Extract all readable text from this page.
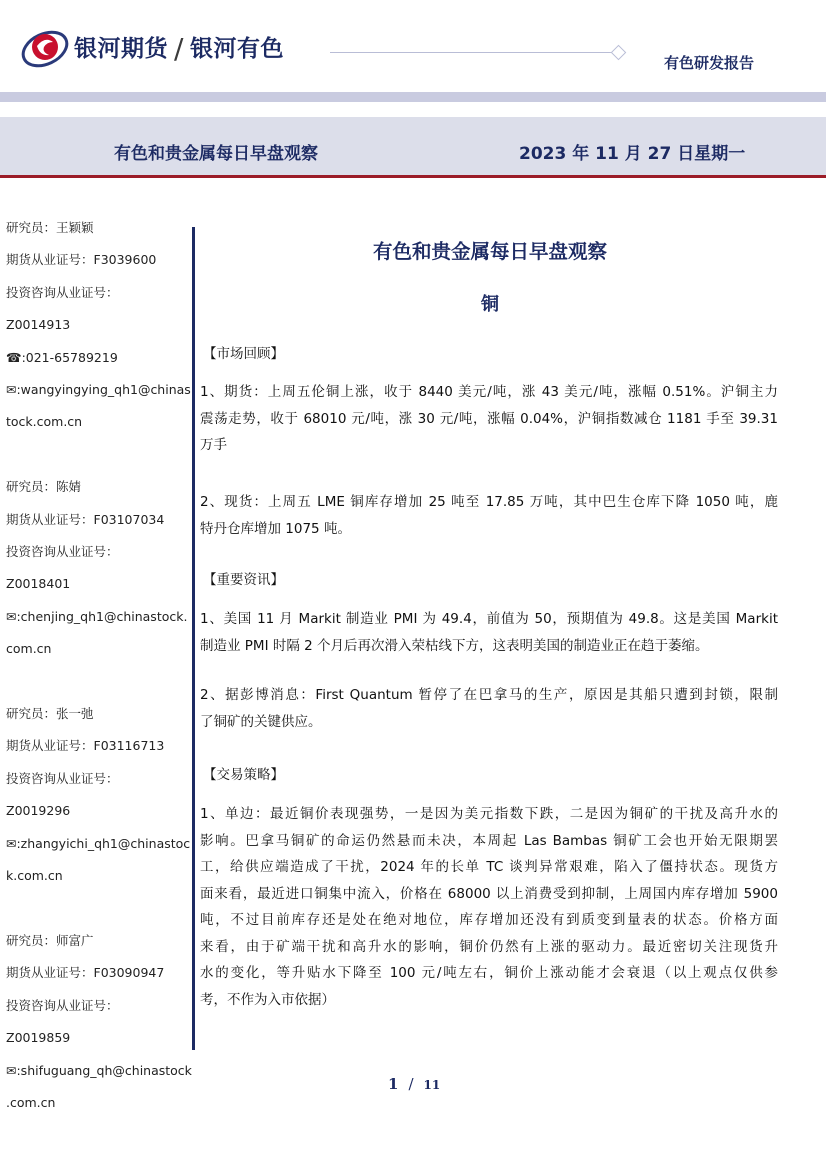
银河期货 / 银河有色
有色研发报告
有色和贵金属每日早盘观察	2023 年 11 月 27 日星期一
研究员：王颖颖
期货从业证号：F3039600
投资咨询从业证号：
Z0014913
☎:021-65789219
✉:wangyingying_qh1@chinas
tock.com.cn
研究员：陈婧
期货从业证号：F03107034
投资咨询从业证号：
Z0018401
✉:chenjing_qh1@chinastock.
com.cn
研究员：张一弛
期货从业证号：F03116713
投资咨询从业证号：
Z0019296
✉:zhangyichi_qh1@chinastoc
k.com.cn
研究员：师富广
期货从业证号：F03090947
投资咨询从业证号：
Z0019859
✉:shifuguang_qh@chinastock
.com.cn
有色和贵金属每日早盘观察
铜
【市场回顾】
1、期货：上周五伦铜上涨，收于 8440 美元/吨，涨 43 美元/吨，涨幅 0.51%。沪铜主力
震荡走势，收于 68010 元/吨，涨 30 元/吨，涨幅 0.04%，沪铜指数减仓 1181 手至 39.31
万手
2、现货：上周五 LME 铜库存增加 25 吨至 17.85 万吨，其中巴生仓库下降 1050 吨，鹿
特丹仓库增加 1075 吨。
【重要资讯】
1、美国 11 月 Markit 制造业 PMI 为 49.4，前值为 50，预期值为 49.8。这是美国 Markit
制造业 PMI 时隔 2 个月后再次滑入荣枯线下方，这表明美国的制造业正在趋于萎缩。
2、据彭博消息：First Quantum 暂停了在巴拿马的生产，原因是其船只遭到封锁，限制
了铜矿的关键供应。
【交易策略】
1、单边：最近铜价表现强势，一是因为美元指数下跌，二是因为铜矿的干扰及高升水的
影响。巴拿马铜矿的命运仍然悬而未决，本周起 Las Bambas 铜矿工会也开始无限期罢
工，给供应端造成了干扰，2024 年的长单 TC 谈判异常艰难，陷入了僵持状态。现货方
面来看，最近进口铜集中流入，价格在 68000 以上消费受到抑制，上周国内库存增加 5900
吨，不过目前库存还是处在绝对地位，库存增加还没有到质变到量表的状态。价格方面
来看，由于矿端干扰和高升水的影响，铜价仍然有上涨的驱动力。最近密切关注现货升
水的变化，等升贴水下降至 100 元/吨左右，铜价上涨动能才会衰退（以上观点仅供参
考，不作为入市依据）
1 / 11
